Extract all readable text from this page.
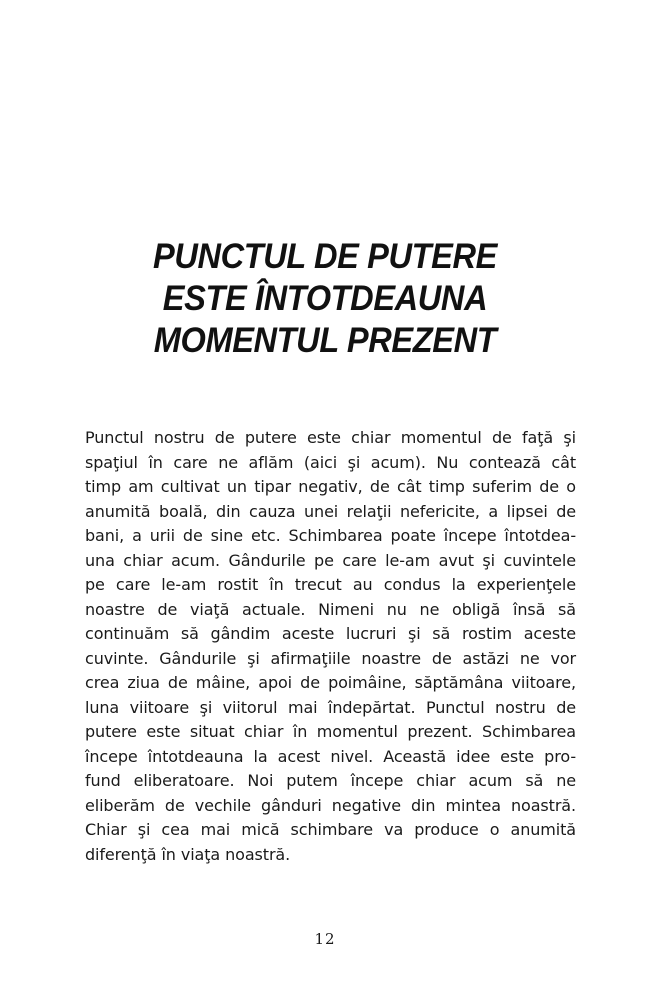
PUNCTUL DE PUTERE
ESTE ÎNTOTDEAUNA
MOMENTUL PREZENT

Punctul nostru de putere este chiar momentul de faţă şi
spaţiul în care ne aflăm (aici şi acum). Nu contează cât
timp am cultivat un tipar negativ, de cât timp suferim de o
anumită boală, din cauza unei relaţii nefericite, a lipsei de
bani, a urii de sine etc. Schimbarea poate începe întotdea-
una chiar acum. Gândurile pe care le-am avut şi cuvintele
pe care le-am rostit în trecut au condus la experienţele
noastre de viaţă actuale. Nimeni nu ne obligă însă să
continuăm să gândim aceste lucruri şi să rostim aceste
cuvinte. Gândurile şi afirmaţiile noastre de astăzi ne vor
crea ziua de mâine, apoi de poimâine, săptămâna viitoare,
luna viitoare şi viitorul mai îndepărtat. Punctul nostru de
putere este situat chiar în momentul prezent. Schimbarea
începe întotdeauna la acest nivel. Această idee este pro-
fund eliberatoare. Noi putem începe chiar acum să ne
eliberăm de vechile gânduri negative din mintea noastră.
Chiar şi cea mai mică schimbare va produce o anumită
diferenţă în viaţa noastră.

12
